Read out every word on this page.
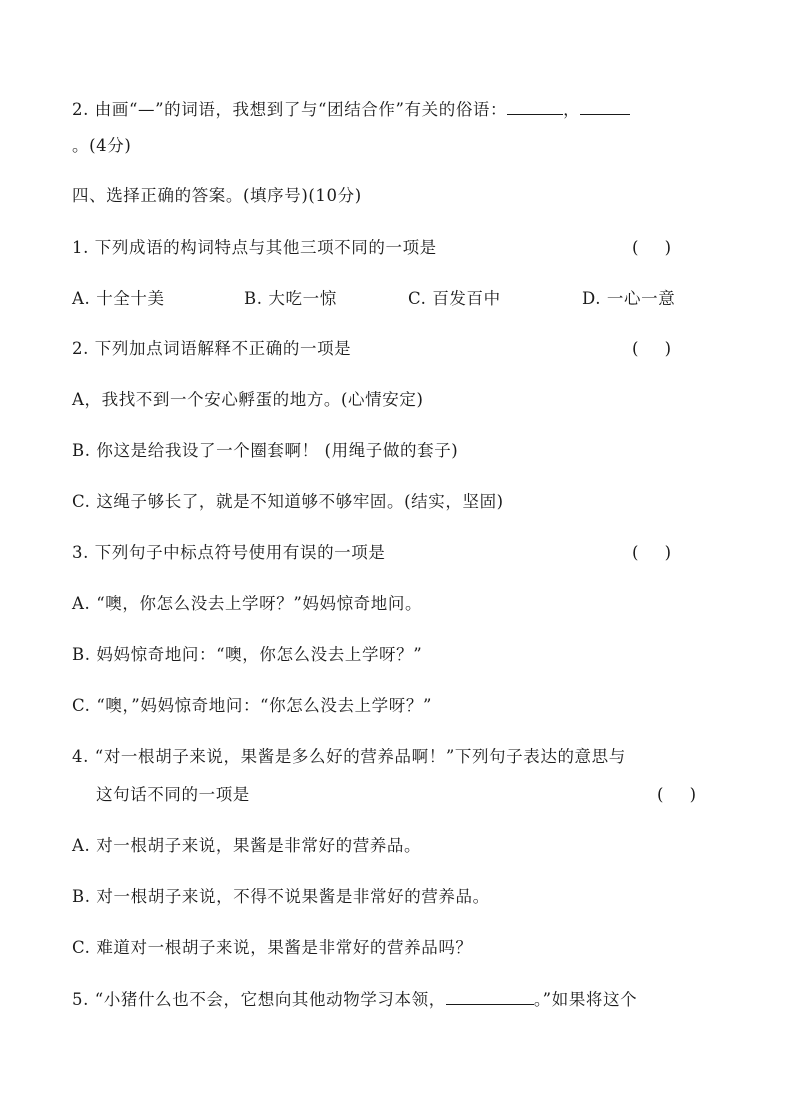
2. 由画“—”的词语，我想到了与“团结合作”有关的俗语：	，
。(4分)
四、选择正确的答案。(填序号)(10分)
1. 下列成语的构词特点与其他三项不同的一项是	(     )
A. 十全十美	B. 大吃一惊	C. 百发百中	D. 一心一意
2. 下列加点词语解释不正确的一项是	(     )
A，我找不到一个安心孵蛋的地方。(心情安定)
B. 你这是给我设了一个圈套啊！ (用绳子做的套子)
C. 这绳子够长了，就是不知道够不够牢固。(结实，坚固)
3. 下列句子中标点符号使用有误的一项是	(     )
A. “噢，你怎么没去上学呀？”妈妈惊奇地问。
B. 妈妈惊奇地问：“噢，你怎么没去上学呀？”
C. “噢，”妈妈惊奇地问：“你怎么没去上学呀？”
4. “对一根胡子来说，果酱是多么好的营养品啊！”下列句子表达的意思与
这句话不同的一项是	(     )
A. 对一根胡子来说，果酱是非常好的营养品。
B. 对一根胡子来说，不得不说果酱是非常好的营养品。
C. 难道对一根胡子来说，果酱是非常好的营养品吗？
5. “小猪什么也不会，它想向其他动物学习本领，	。”如果将这个
